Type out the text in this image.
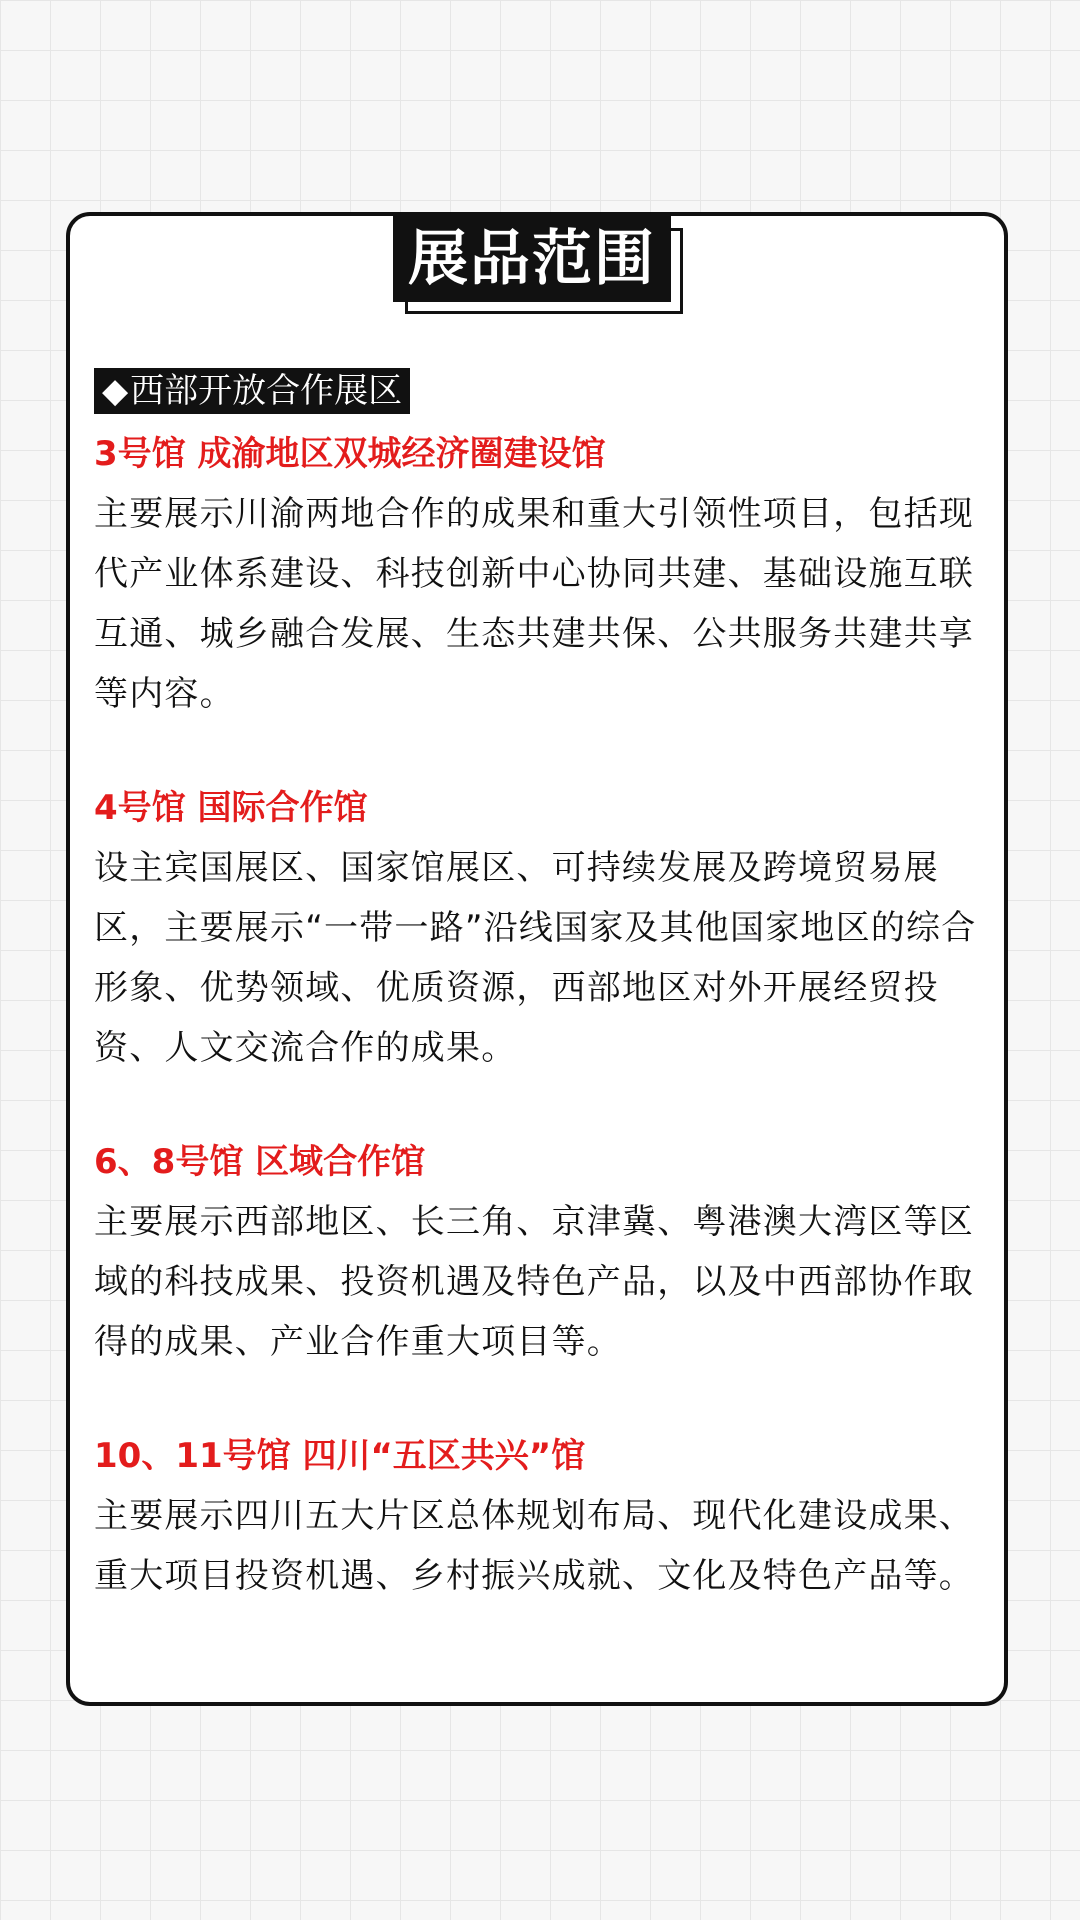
展品范围
◆西部开放合作展区

3号馆 成渝地区双城经济圈建设馆

主要展示川渝两地合作的成果和重大引领性项目，包括现代产业体系建设、科技创新中心协同共建、基础设施互联互通、城乡融合发展、生态共建共保、公共服务共建共享等内容。

4号馆 国际合作馆

设主宾国展区、国家馆展区、可持续发展及跨境贸易展区，主要展示“一带一路”沿线国家及其他国家地区的综合形象、优势领域、优质资源，西部地区对外开展经贸投资、人文交流合作的成果。

6、8号馆 区域合作馆

主要展示西部地区、长三角、京津冀、粤港澳大湾区等区域的科技成果、投资机遇及特色产品，以及中西部协作取得的成果、产业合作重大项目等。

10、11号馆 四川“五区共兴”馆

主要展示四川五大片区总体规划布局、现代化建设成果、重大项目投资机遇、乡村振兴成就、文化及特色产品等。
